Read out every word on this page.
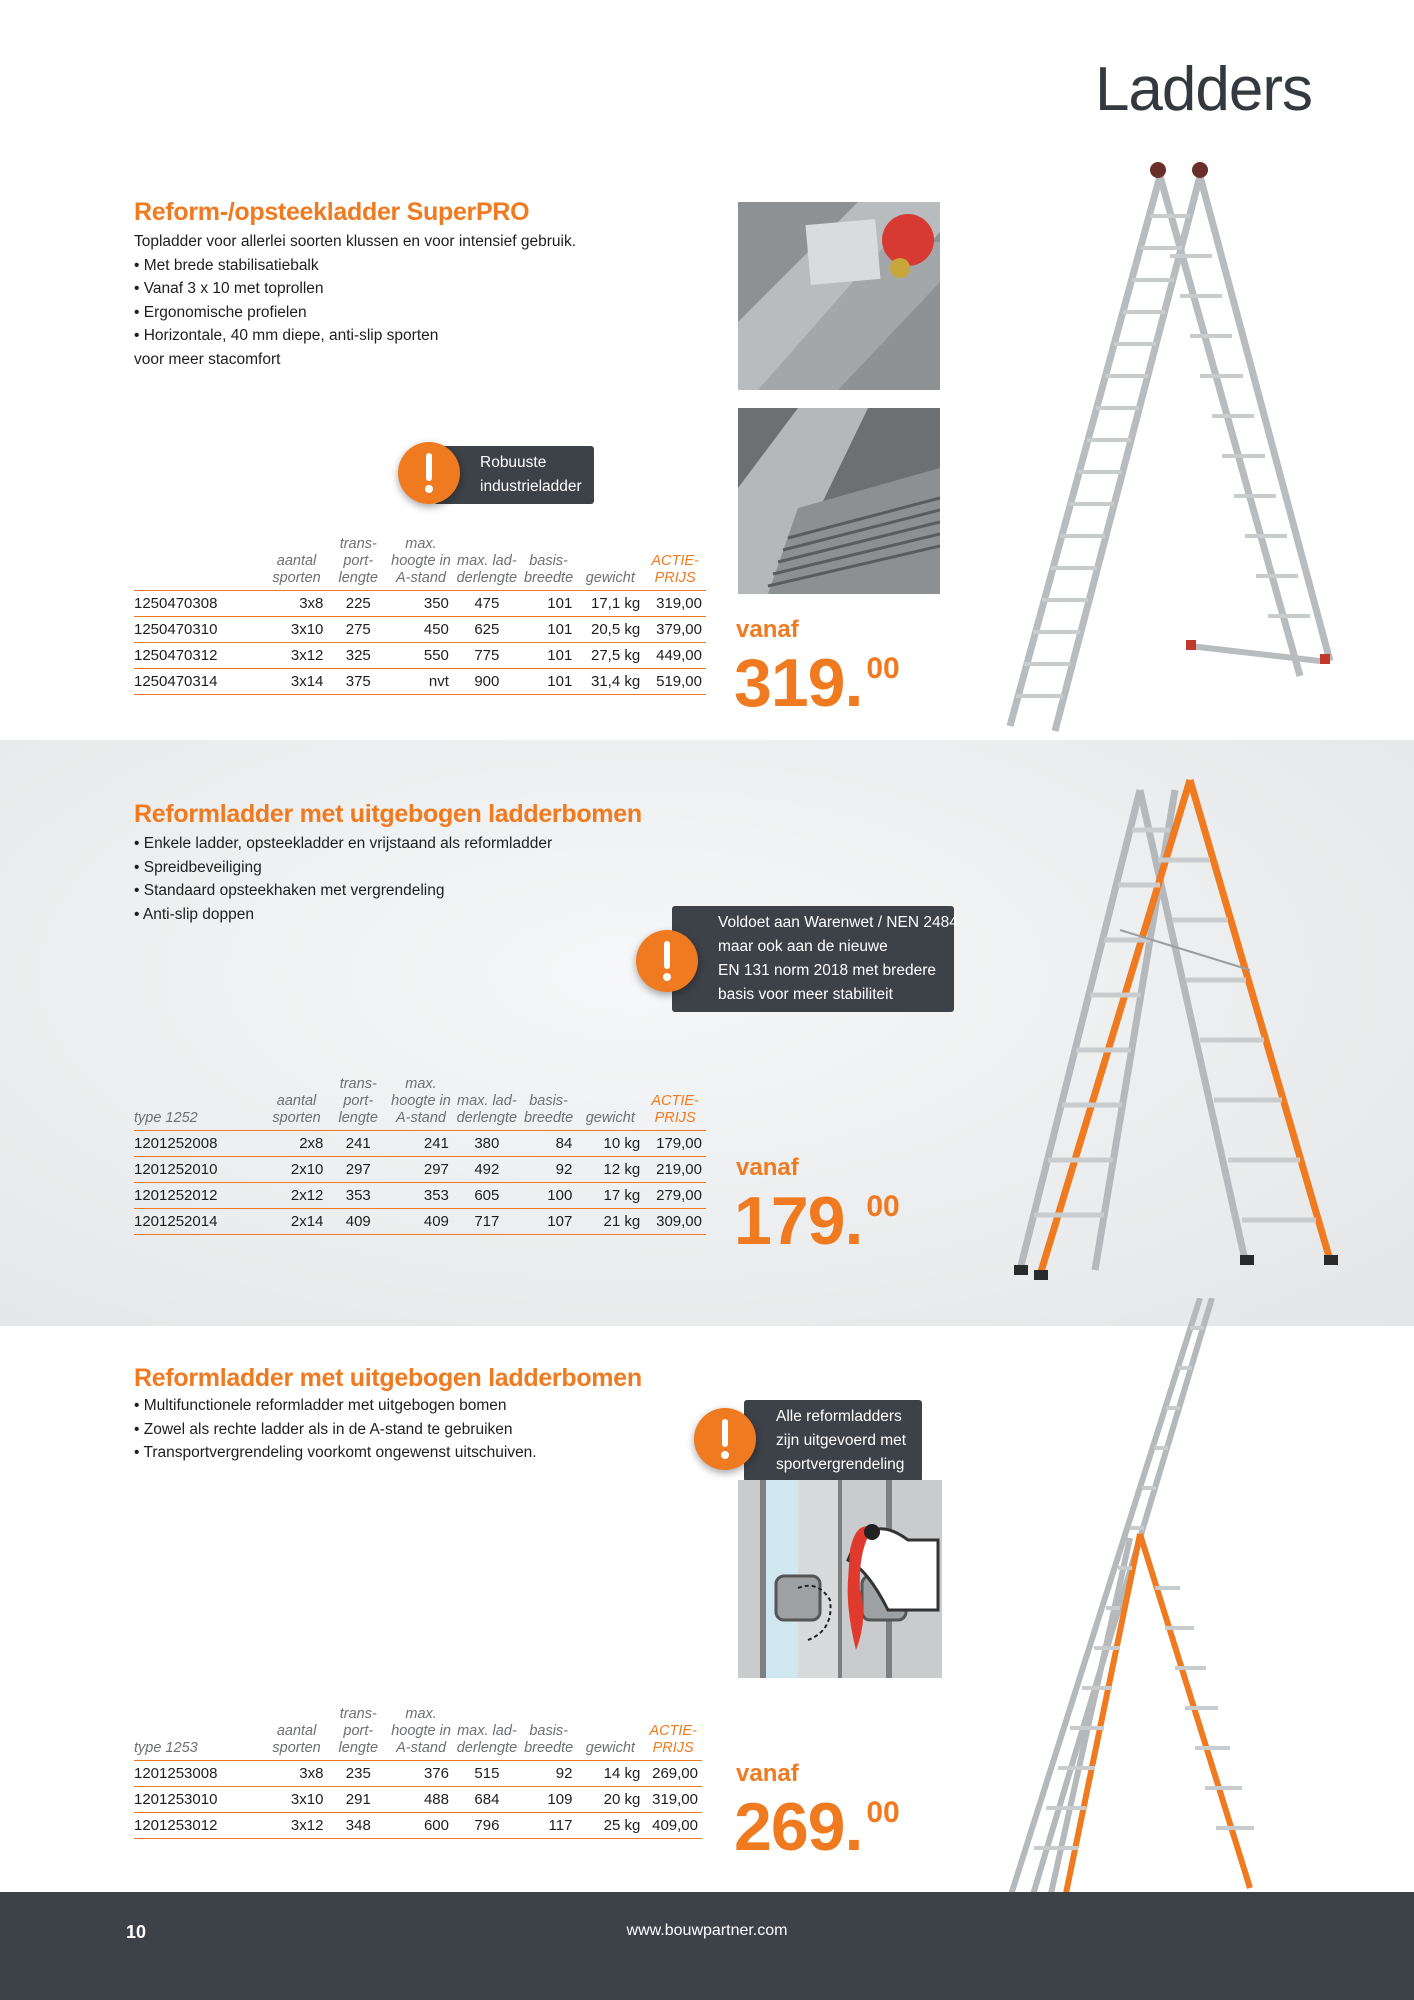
Ladders
Reform-/opsteekladder SuperPRO
Topladder voor allerlei soorten klussen en voor intensief gebruik.
• Met brede stabilisatiebalk
• Vanaf 3 x 10 met toprollen
• Ergonomische profielen
• Horizontale, 40 mm diepe, anti-slip sporten
voor meer stacomfort
Robuuste
industrieladder
	aantal
sporten	trans-
port-
lengte	max.
hoogte in
A-stand	max. lad-
derlengte	basis-
breedte	gewicht	ACTIE-
PRIJS
1250470308	3x8	225	350	475	101	17,1 kg	319,00
1250470310	3x10	275	450	625	101	20,5 kg	379,00
1250470312	3x12	325	550	775	101	27,5 kg	449,00
1250470314	3x14	375	nvt	900	101	31,4 kg	519,00
vanaf
319. 00
Reformladder met uitgebogen ladderbomen
• Enkele ladder, opsteekladder en vrijstaand als reformladder
• Spreidbeveiliging
• Standaard opsteekhaken met vergrendeling
• Anti-slip doppen	Voldoet aan Warenwet / NEN 2484
maar ook aan de nieuwe
EN 131 norm 2018 met bredere
basis voor meer stabiliteit
type 1252	aantal
sporten	trans-
port-
lengte	max.
hoogte in
A-stand	max. lad-
derlengte	basis-
breedte	gewicht	ACTIE-
PRIJS
1201252008	2x8	241	241	380	84	10 kg	179,00
1201252010	2x10	297	297	492	92	12 kg	219,00
1201252012	2x12	353	353	605	100	17 kg	279,00
1201252014	2x14	409	409	717	107	21 kg	309,00
vanaf
179. 00
Reformladder met uitgebogen ladderbomen
• Multifunctionele reformladder met uitgebogen bomen
• Zowel als rechte ladder als in de A-stand te gebruiken
• Transportvergrendeling voorkomt ongewenst uitschuiven.
Alle reformladders
zijn uitgevoerd met
sportvergrendeling
type 1253	aantal
sporten	trans-
port-
lengte	max.
hoogte in
A-stand	max. lad-
derlengte	basis-
breedte	gewicht	ACTIE-
PRIJS
1201253008	3x8	235	376	515	92	14 kg	269,00
1201253010	3x10	291	488	684	109	20 kg	319,00
1201253012	3x12	348	600	796	117	25 kg	409,00
vanaf
269. 00
10	www.bouwpartner.com
